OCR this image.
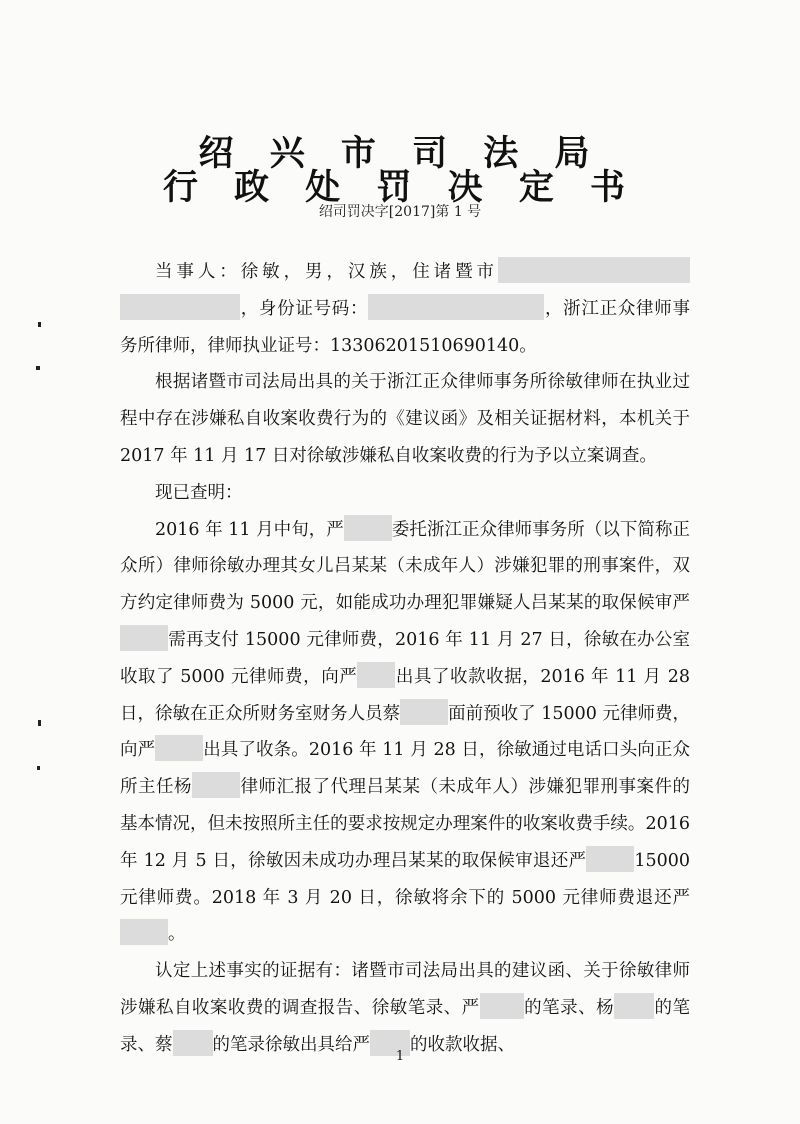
绍 兴 市 司 法 局
行 政 处 罚 决 定 书
绍司罚决字[2017]第 1 号

当事人：徐敏，男，汉族，住诸暨市，身份证号码：	，浙江正众律师事务所律师，律师执业证号：13306201510690140。

根据诸暨市司法局出具的关于浙江正众律师事务所徐敏律师在执业过程中存在涉嫌私自收案收费行为的《建议函》及相关证据材料，本机关于 2017 年 11 月 17 日对徐敏涉嫌私自收案收费的行为予以立案调查。

现已查明：

2016 年 11 月中旬，严	委托浙江正众律师事务所（以下简称正众所）律师徐敏办理其女儿吕某某（未成年人）涉嫌犯罪的刑事案件，双方约定律师费为 5000 元，如能成功办理犯罪嫌疑人吕某某的取保候审严需再支付 15000 元律师费，2016 年 11 月 27 日，徐敏在办公室收取了 5000 元律师费，向严 出具了收款收据，2016 年 11 月 28 日，徐敏在正众所财务室财务人员蔡	面前预收了 15000 元律师费，向严	出具了收条。2016 年 11 月 28 日，徐敏通过电话口头向正众所主任杨	律师汇报了代理吕某某（未成年人）涉嫌犯罪刑事案件的基本情况，但未按照所主任的要求按规定办理案件的收案收费手续。2016 年 12 月 5 日，徐敏因未成功办理吕某某的取保候审退还严	15000 元律师费。2018 年 3 月 20 日，徐敏将余下的 5000 元律师费退还严。

认定上述事实的证据有：诸暨市司法局出具的建议函、关于徐敏律师涉嫌私自收案收费的调查报告、徐敏笔录、严	的笔录、杨 的笔录、蔡 的笔录徐敏出具给严 的收款收据、

1
